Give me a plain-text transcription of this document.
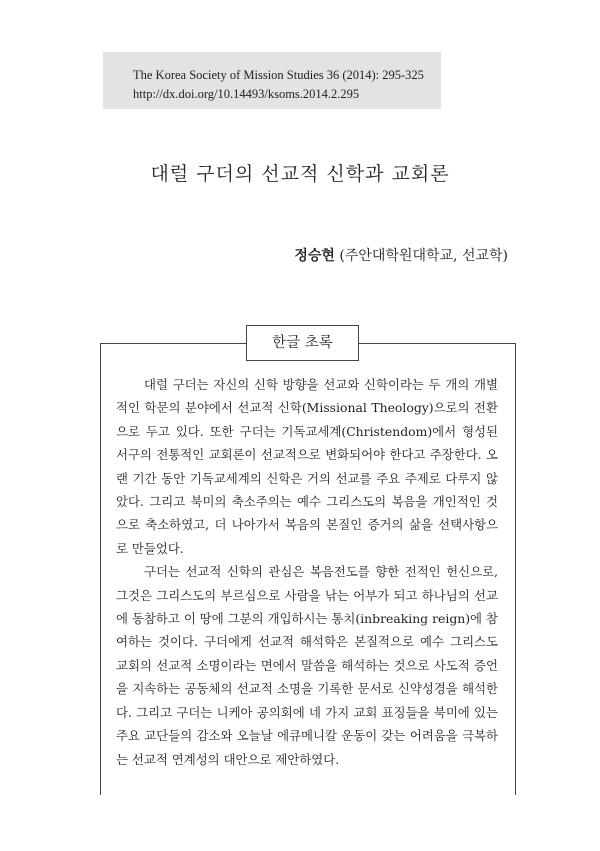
The Korea Society of Mission Studies 36 (2014): 295-325
http://dx.doi.org/10.14493/ksoms.2014.2.295
대럴 구더의 선교적 신학과 교회론
정승현 (주안대학원대학교, 선교학)
한글 초록

대럴 구더는 자신의 신학 방향을 선교와 신학이라는 두 개의 개별적인 학문의 분야에서 선교적 신학(Missional Theology)으로의 전환으로 두고 있다. 또한 구더는 기독교세계(Christendom)에서 형성된 서구의 전통적인 교회론이 선교적으로 변화되어야 한다고 주장한다. 오랜 기간 동안 기독교세계의 신학은 거의 선교를 주요 주제로 다루지 않았다. 그리고 북미의 축소주의는 예수 그리스도의 복음을 개인적인 것으로 축소하였고, 더 나아가서 복음의 본질인 증거의 삶을 선택사항으로 만들었다.

구더는 선교적 신학의 관심은 복음전도를 향한 전적인 헌신으로, 그것은 그리스도의 부르심으로 사람을 낚는 어부가 되고 하나님의 선교에 동참하고 이 땅에 그분의 개입하시는 통치(inbreaking reign)에 참여하는 것이다. 구더에게 선교적 해석학은 본질적으로 예수 그리스도 교회의 선교적 소명이라는 면에서 말씀을 해석하는 것으로 사도적 증언을 지속하는 공동체의 선교적 소명을 기록한 문서로 신약성경을 해석한다. 그리고 구더는 니케아 공의회에 네 가지 교회 표징들을 북미에 있는 주요 교단들의 감소와 오늘날 에큐메니칼 운동이 갖는 어려움을 극복하는 선교적 연계성의 대안으로 제안하였다.
